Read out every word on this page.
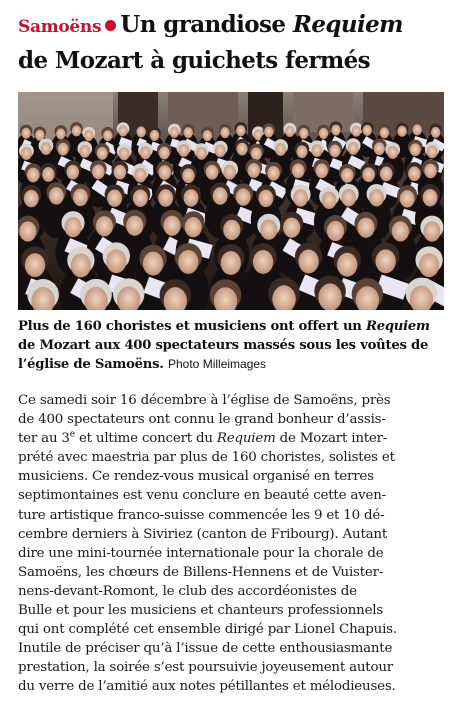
Samoëns Un grandiose Requiem
de Mozart à guichets fermés

Plus de 160 choristes et musiciens ont offert un Requiem
de Mozart aux 400 spectateurs massés sous les voûtes de
l’église de Samoëns. Photo Milleimages

Ce samedi soir 16 décembre à l’église de Samoëns, près
de 400 spectateurs ont connu le grand bonheur d’assis-
ter au 3e et ultime concert du Requiem de Mozart inter-
prété avec maestria par plus de 160 choristes, solistes et
musiciens. Ce rendez-vous musical organisé en terres
septimontaines est venu conclure en beauté cette aven-
ture artistique franco-suisse commencée les 9 et 10 dé-
cembre derniers à Siviriez (canton de Fribourg). Autant
dire une mini-tournée internationale pour la chorale de
Samoëns, les chœurs de Billens-Hennens et de Vuister-
nens-devant-Romont, le club des accordéonistes de
Bulle et pour les musiciens et chanteurs professionnels
qui ont complété cet ensemble dirigé par Lionel Chapuis.
Inutile de préciser qu’à l’issue de cette enthousiasmante
prestation, la soirée s’est poursuivie joyeusement autour
du verre de l’amitié aux notes pétillantes et mélodieuses.
